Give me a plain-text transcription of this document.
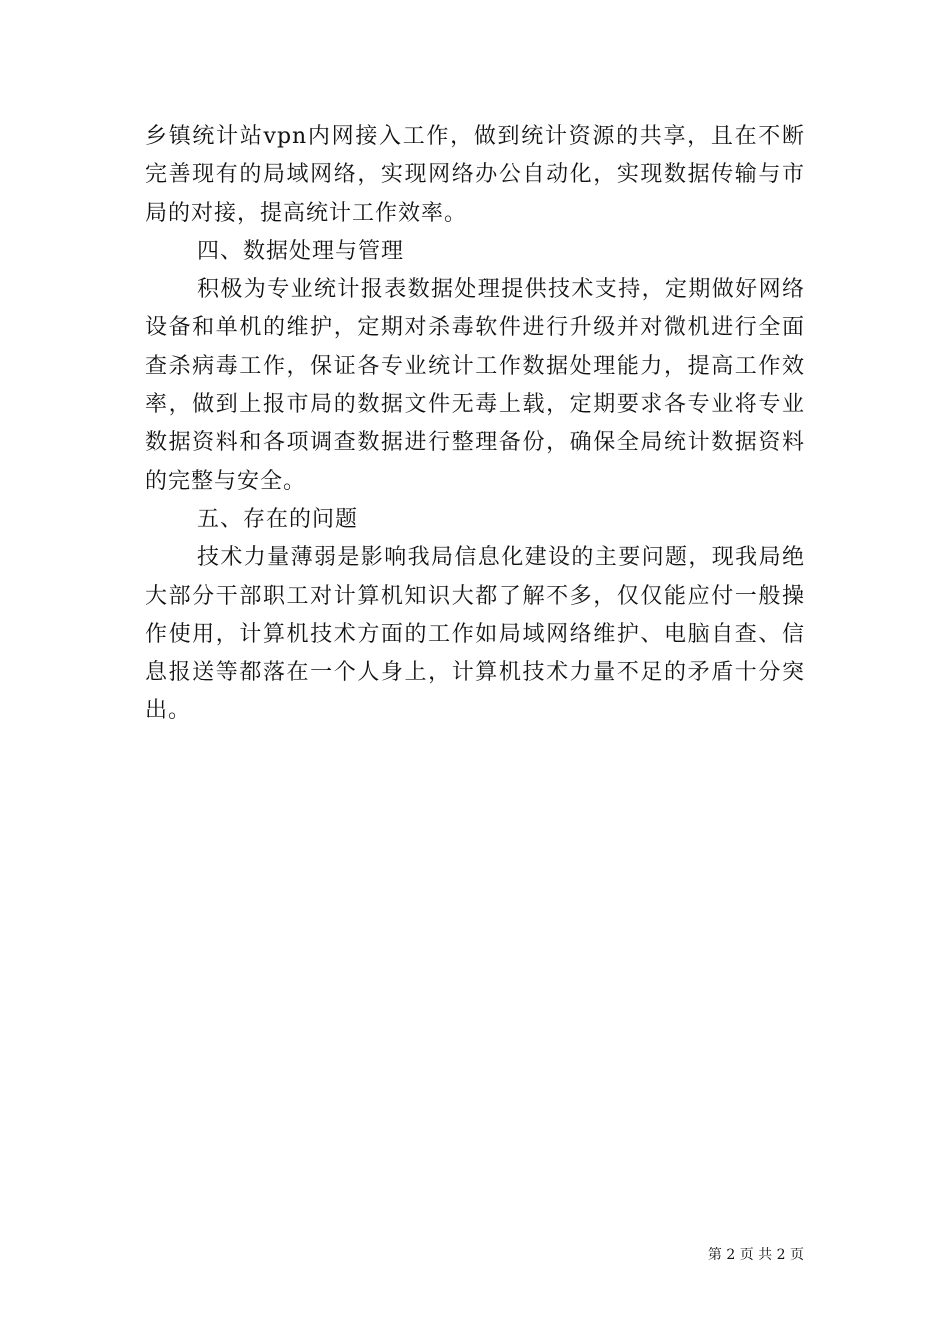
乡镇统计站vpn内网接入工作，做到统计资源的共享，且在不断完善现有的局域网络，实现网络办公自动化，实现数据传输与市局的对接，提高统计工作效率。

四、数据处理与管理

积极为专业统计报表数据处理提供技术支持，定期做好网络设备和单机的维护，定期对杀毒软件进行升级并对微机进行全面查杀病毒工作，保证各专业统计工作数据处理能力，提高工作效率，做到上报市局的数据文件无毒上载，定期要求各专业将专业数据资料和各项调查数据进行整理备份，确保全局统计数据资料的完整与安全。

五、存在的问题

技术力量薄弱是影响我局信息化建设的主要问题，现我局绝大部分干部职工对计算机知识大都了解不多，仅仅能应付一般操作使用，计算机技术方面的工作如局域网络维护、电脑自查、信息报送等都落在一个人身上，计算机技术力量不足的矛盾十分突出。

第 2 页 共 2 页
